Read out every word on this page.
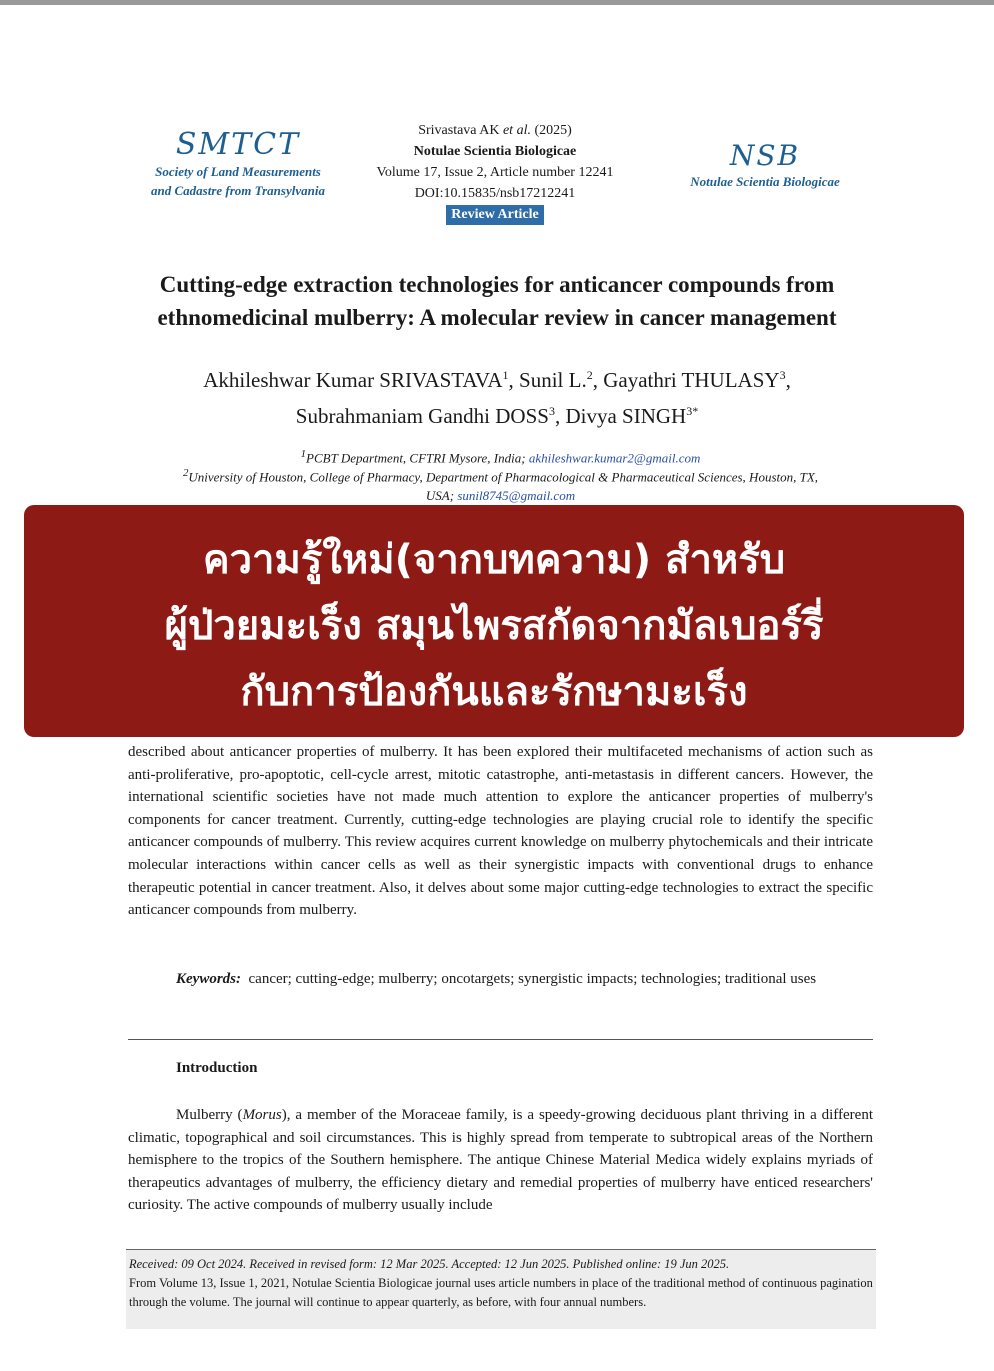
SMTCT
Society of Land Measurements
and Cadastre from Transylvania
Srivastava AK et al. (2025)
Notulae Scientia Biologicae
Volume 17, Issue 2, Article number 12241
DOI:10.15835/nsb17212241
Review Article
NSB
Notulae Scientia Biologicae
Cutting-edge extraction technologies for anticancer compounds from
ethnomedicinal mulberry: A molecular review in cancer management
Akhileshwar Kumar SRIVASTAVA$^1$, Sunil L.$^2$, Gayathri THULASY$^3$,
Subrahmaniam Gandhi DOSS$^3$, Divya $SINGH^{3*}$
$^1$PCBT Department, CFTRI Mysore, India; akhileshwar.kumar2@gmail.com
$^2$University of Houston, College of Pharmacy, Department of Pharmacological & Pharmaceutical Sciences, Houston, TX,
USA; sunil8745@gmail.com
ความรู้ใหม่(จากบทความ) สำหรับ
ผู้ป่วยมะเร็ง สมุนไพรสกัดจากมัลเบอร์รี่
กับการป้องกันและรักษามะเร็ง
described about anticancer properties of mulberry. It has been explored their multifaceted mechanisms of action such as anti-proliferative, pro-apoptotic, cell-cycle arrest, mitotic catastrophe, anti-metastasis in different cancers. However, the international scientific societies have not made much attention to explore the anticancer properties of mulberry's components for cancer treatment. Currently, cutting-edge technologies are playing crucial role to identify the specific anticancer compounds of mulberry. This review acquires current knowledge on mulberry phytochemicals and their intricate molecular interactions within cancer cells as well as their synergistic impacts with conventional drugs to enhance therapeutic potential in cancer treatment. Also, it delves about some major cutting-edge technologies to extract the specific anticancer compounds from mulberry.
Keywords: cancer; cutting-edge; mulberry; oncotargets; synergistic impacts; technologies; traditional uses
Introduction
Mulberry (Morus), a member of the Moraceae family, is a speedy-growing deciduous plant thriving in a different climatic, topographical and soil circumstances. This is highly spread from temperate to subtropical areas of the Northern hemisphere to the tropics of the Southern hemisphere. The antique Chinese Material Medica widely explains myriads of therapeutics advantages of mulberry, the efficiency dietary and remedial properties of mulberry have enticed researchers' curiosity. The active compounds of mulberry usually include
Received: 09 Oct 2024. Received in revised form: 12 Mar 2025. Accepted: 12 Jun 2025. Published online: 19 Jun 2025.
From Volume 13, Issue 1, 2021, Notulae Scientia Biologicae journal uses article numbers in place of the traditional method of continuous pagination through the volume. The journal will continue to appear quarterly, as before, with four annual numbers.
